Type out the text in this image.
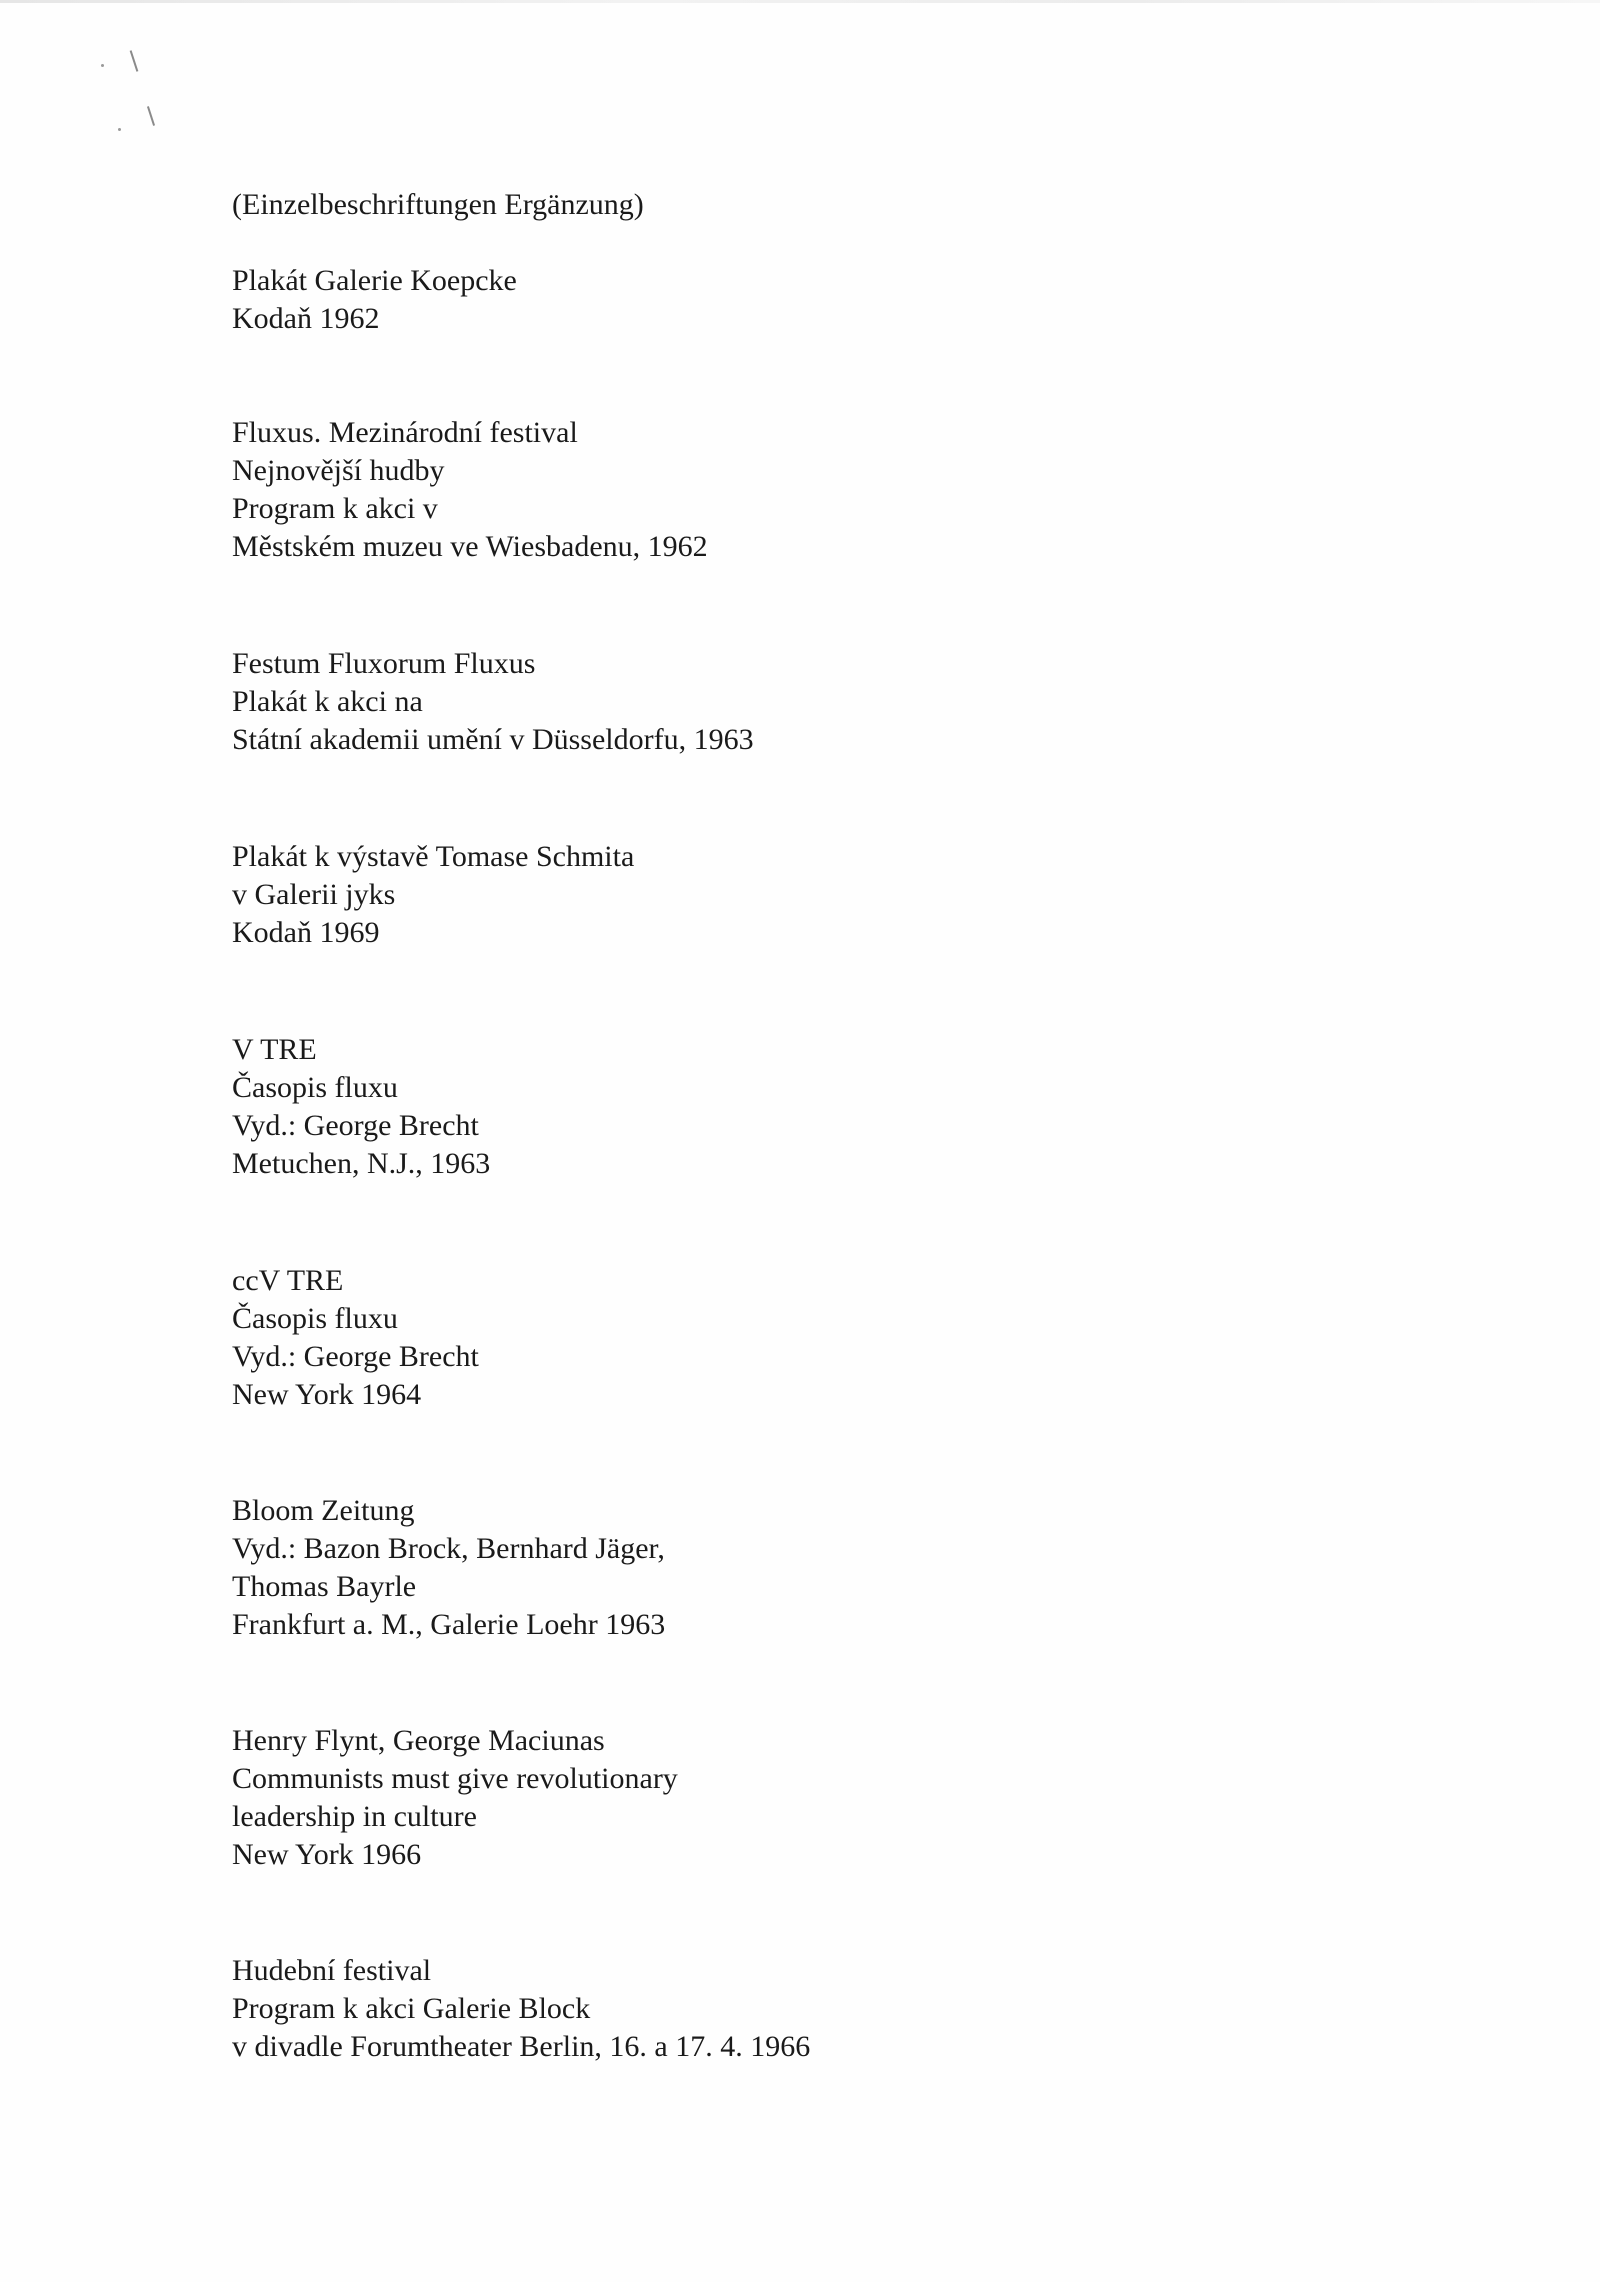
(Einzelbeschriftungen Ergänzung)

Plakát Galerie Koepcke
Kodaň 1962
Fluxus. Mezinárodní festival
Nejnovější hudby
Program k akci v
Městském muzeu ve Wiesbadenu, 1962
Festum Fluxorum Fluxus
Plakát k akci na
Státní akademii umění v Düsseldorfu, 1963
Plakát k výstavě Tomase Schmita
v Galerii jyks
Kodaň 1969
V TRE
Časopis fluxu
Vyd.: George Brecht
Metuchen, N.J., 1963
ccV TRE
Časopis fluxu
Vyd.: George Brecht
New York 1964
Bloom Zeitung
Vyd.: Bazon Brock, Bernhard Jäger,
Thomas Bayrle
Frankfurt a. M., Galerie Loehr 1963
Henry Flynt, George Maciunas
Communists must give revolutionary
leadership in culture
New York 1966
Hudební festival
Program k akci Galerie Block
v divadle Forumtheater Berlin, 16. a 17. 4. 1966
